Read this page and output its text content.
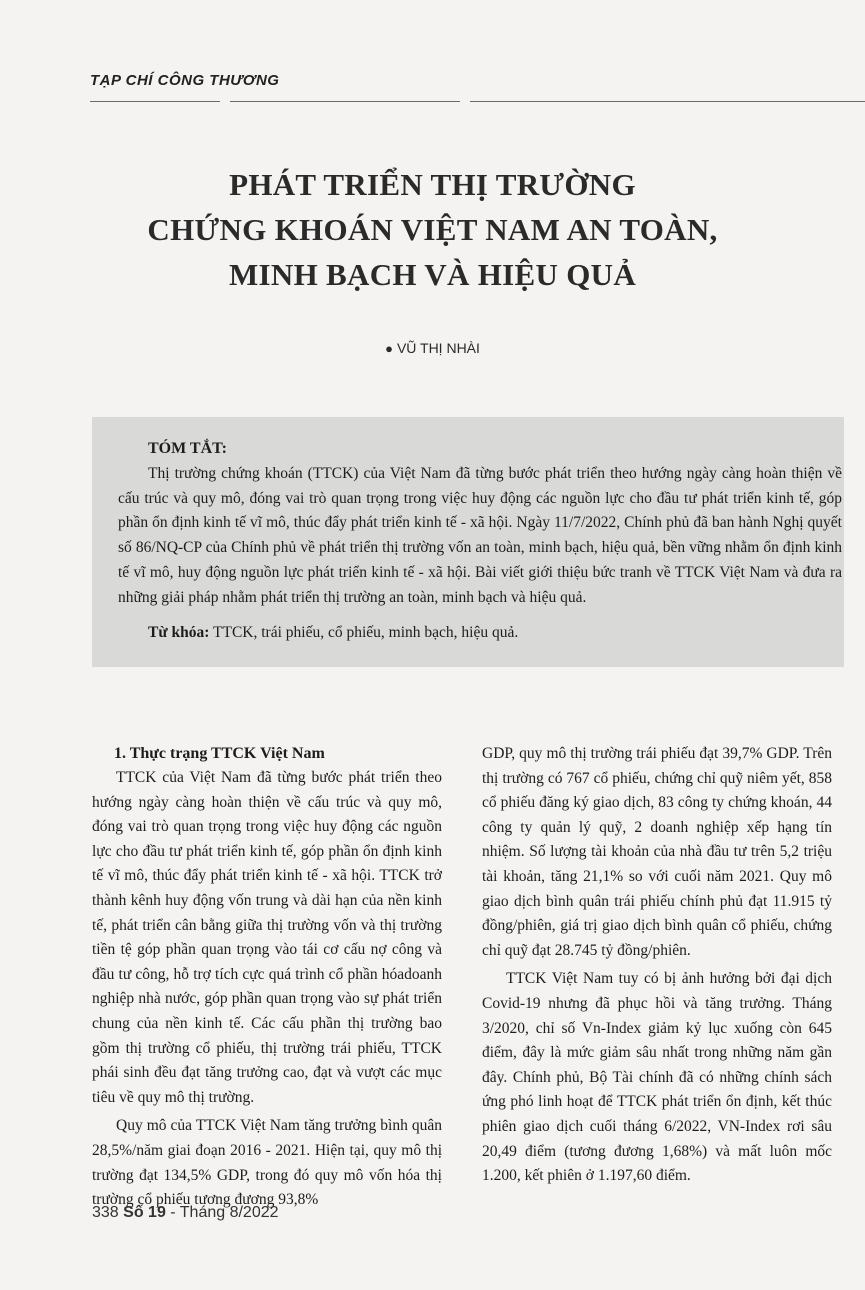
TẠP CHÍ CÔNG THƯƠNG
PHÁT TRIỂN THỊ TRƯỜNG
CHỨNG KHOÁN VIỆT NAM AN TOÀN,
MINH BẠCH VÀ HIỆU QUẢ
● VŨ THỊ NHÀI
TÓM TẮT:

Thị trường chứng khoán (TTCK) của Việt Nam đã từng bước phát triển theo hướng ngày càng hoàn thiện về cấu trúc và quy mô, đóng vai trò quan trọng trong việc huy động các nguồn lực cho đầu tư phát triển kinh tế, góp phần ổn định kinh tế vĩ mô, thúc đẩy phát triển kinh tế - xã hội. Ngày 11/7/2022, Chính phủ đã ban hành Nghị quyết số 86/NQ-CP của Chính phủ về phát triển thị trường vốn an toàn, minh bạch, hiệu quả, bền vững nhằm ổn định kinh tế vĩ mô, huy động nguồn lực phát triển kinh tế - xã hội. Bài viết giới thiệu bức tranh về TTCK Việt Nam và đưa ra những giải pháp nhằm phát triển thị trường an toàn, minh bạch và hiệu quả.

Từ khóa: TTCK, trái phiếu, cổ phiếu, minh bạch, hiệu quả.
1. Thực trạng TTCK Việt Nam

TTCK của Việt Nam đã từng bước phát triển theo hướng ngày càng hoàn thiện về cấu trúc và quy mô, đóng vai trò quan trọng trong việc huy động các nguồn lực cho đầu tư phát triển kinh tế, góp phần ổn định kinh tế vĩ mô, thúc đẩy phát triển kinh tế - xã hội. TTCK trở thành kênh huy động vốn trung và dài hạn của nền kinh tế, phát triển cân bằng giữa thị trường vốn và thị trường tiền tệ góp phần quan trọng vào tái cơ cấu nợ công và đầu tư công, hỗ trợ tích cực quá trình cổ phần hóadoanh nghiệp nhà nước, góp phần quan trọng vào sự phát triển chung của nền kinh tế. Các cấu phần thị trường bao gồm thị trường cổ phiếu, thị trường trái phiếu, TTCK phái sinh đều đạt tăng trưởng cao, đạt và vượt các mục tiêu về quy mô thị trường.

Quy mô của TTCK Việt Nam tăng trưởng bình quân 28,5%/năm giai đoạn 2016 - 2021. Hiện tại, quy mô thị trường đạt 134,5% GDP, trong đó quy mô vốn hóa thị trường cổ phiếu tương đương 93,8%

GDP, quy mô thị trường trái phiếu đạt 39,7% GDP. Trên thị trường có 767 cổ phiếu, chứng chỉ quỹ niêm yết, 858 cổ phiếu đăng ký giao dịch, 83 công ty chứng khoán, 44 công ty quản lý quỹ, 2 doanh nghiệp xếp hạng tín nhiệm. Số lượng tài khoản của nhà đầu tư trên 5,2 triệu tài khoản, tăng 21,1% so với cuối năm 2021. Quy mô giao dịch bình quân trái phiếu chính phủ đạt 11.915 tỷ đồng/phiên, giá trị giao dịch bình quân cổ phiếu, chứng chỉ quỹ đạt 28.745 tỷ đồng/phiên.

TTCK Việt Nam tuy có bị ảnh hưởng bởi đại dịch Covid-19 nhưng đã phục hồi và tăng trưởng. Tháng 3/2020, chỉ số Vn-Index giảm kỷ lục xuống còn 645 điểm, đây là mức giảm sâu nhất trong những năm gần đây. Chính phủ, Bộ Tài chính đã có những chính sách ứng phó linh hoạt để TTCK phát triển ổn định, kết thúc phiên giao dịch cuối tháng 6/2022, VN-Index rơi sâu 20,49 điểm (tương đương 1,68%) và mất luôn mốc 1.200, kết phiên ở 1.197,60 điểm.

338 Số 19 - Tháng 8/2022
